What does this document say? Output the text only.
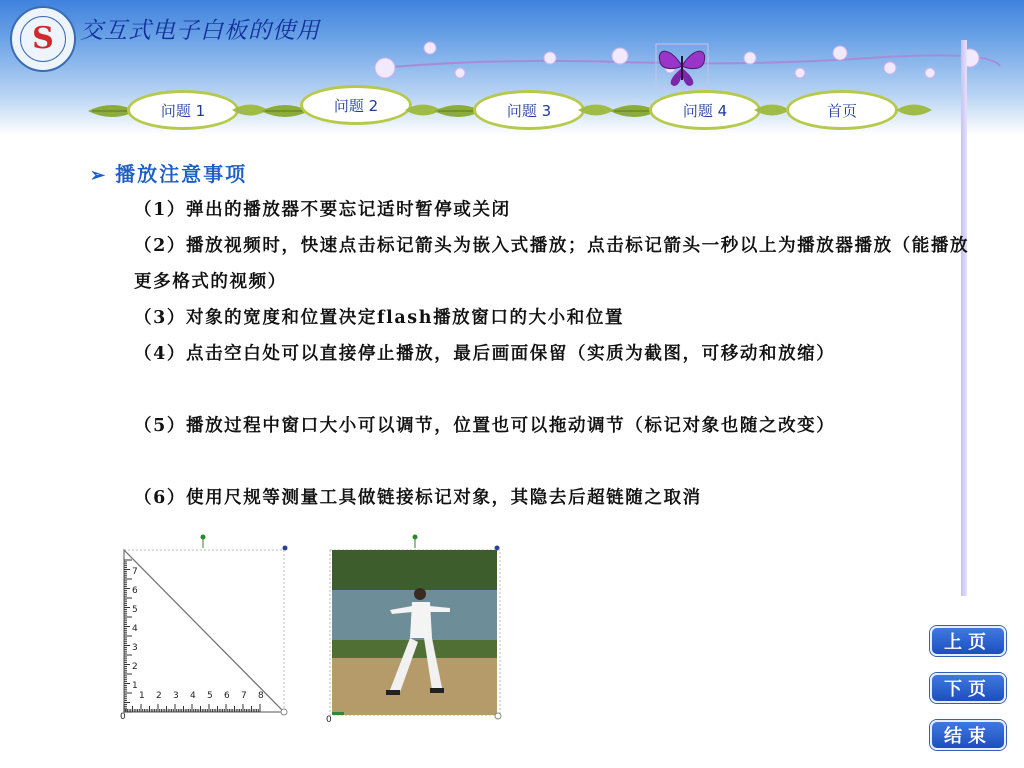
S	交互式电子白板的使用
问题 1	问题 2	问题 3	问题 4	首页
➢ 播放注意事项
（1）弹出的播放器不要忘记适时暂停或关闭
（2）播放视频时，快速点击标记箭头为嵌入式播放；点击标记箭头一秒以上为播放器播放（能播放更多格式的视频）
（3）对象的宽度和位置决定flash播放窗口的大小和位置
（4）点击空白处可以直接停止播放，最后画面保留（实质为截图，可移动和放缩）
（5）播放过程中窗口大小可以调节，位置也可以拖动调节（标记对象也随之改变）
（6）使用尺规等测量工具做链接标记对象，其隐去后超链随之取消
1
2
3
4
5
6
7
1 2 3 4 5 6 7 8
0	0
上页
下页
结束
